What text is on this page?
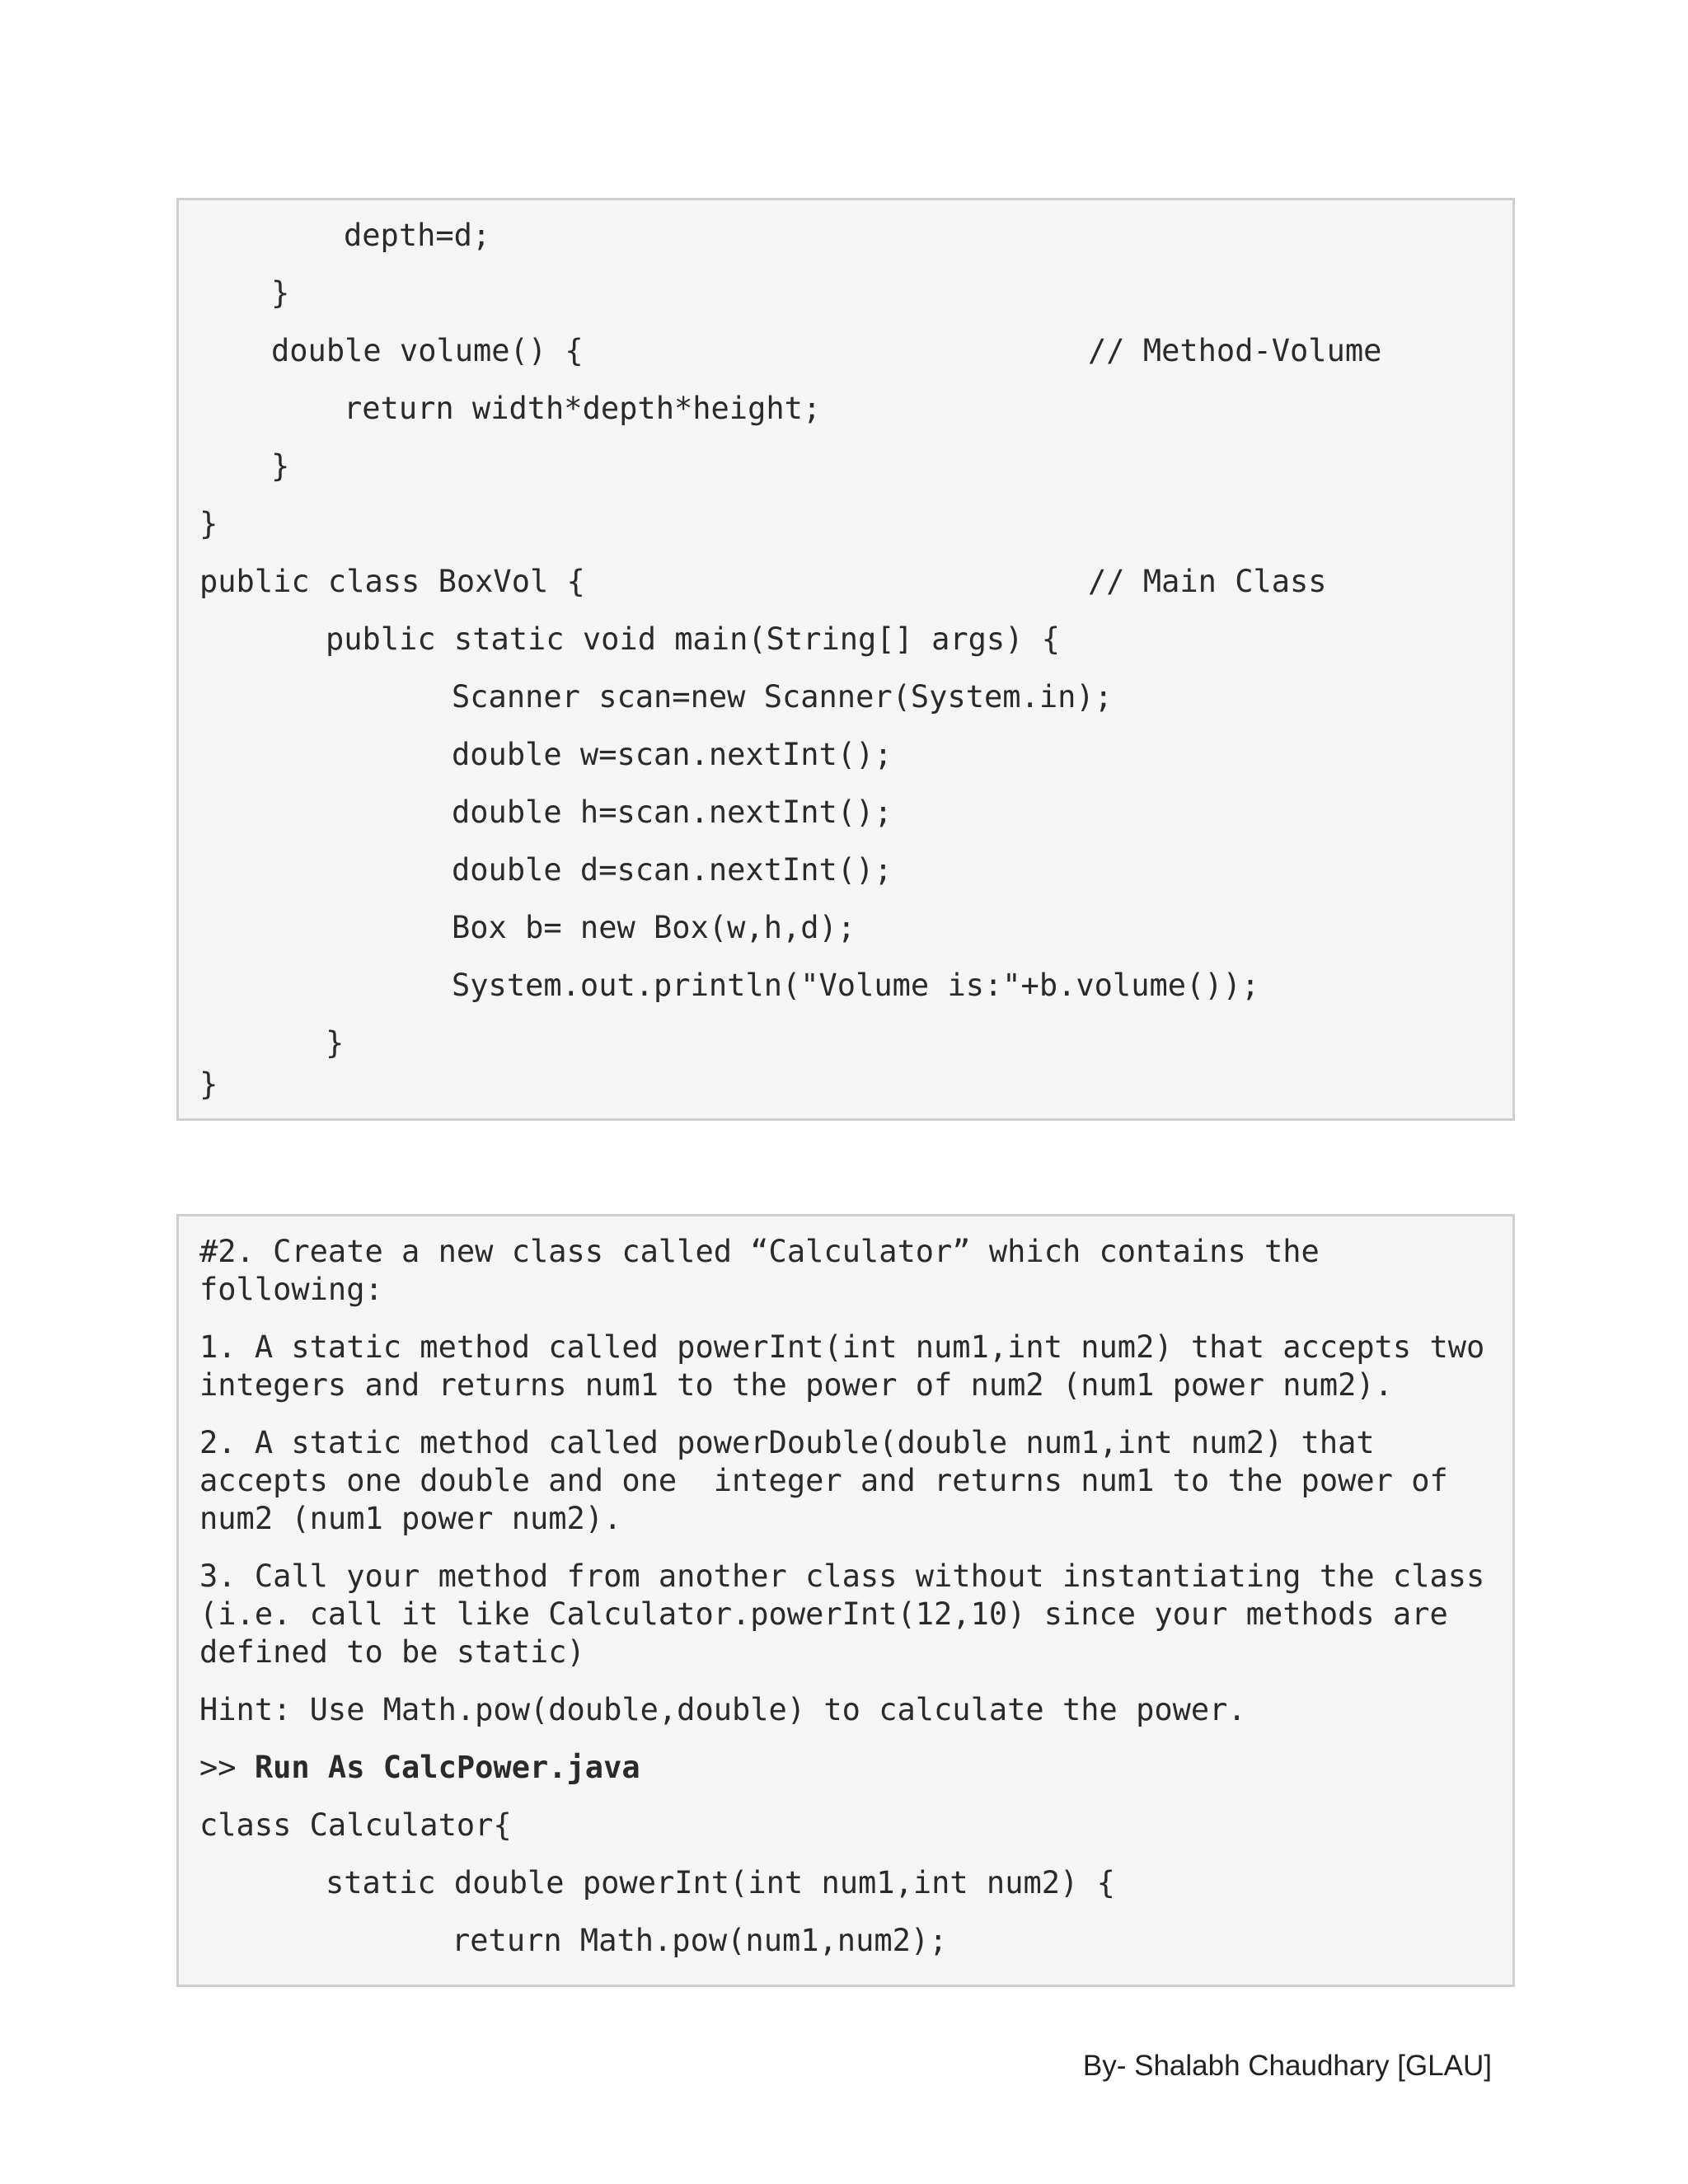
depth=d;
}
double volume() {	// Method-Volume
return width*depth*height;
}
}
public class BoxVol {	// Main Class
public static void main(String[] args) {
Scanner scan=new Scanner(System.in);
double w=scan.nextInt();
double h=scan.nextInt();
double d=scan.nextInt();
Box b= new Box(w,h,d);
System.out.println("Volume is:"+b.volume());
}
}
#2. Create a new class called “Calculator” which contains the
following:
1. A static method called powerInt(int num1,int num2) that accepts two
integers and returns num1 to the power of num2 (num1 power num2).
2. A static method called powerDouble(double num1,int num2) that
accepts one double and one  integer and returns num1 to the power of
num2 (num1 power num2).
3. Call your method from another class without instantiating the class
(i.e. call it like Calculator.powerInt(12,10) since your methods are
defined to be static)
Hint: Use Math.pow(double,double) to calculate the power.
>> Run As CalcPower.java
class Calculator{
static double powerInt(int num1,int num2) {
return Math.pow(num1,num2);
By- Shalabh Chaudhary [GLAU]
